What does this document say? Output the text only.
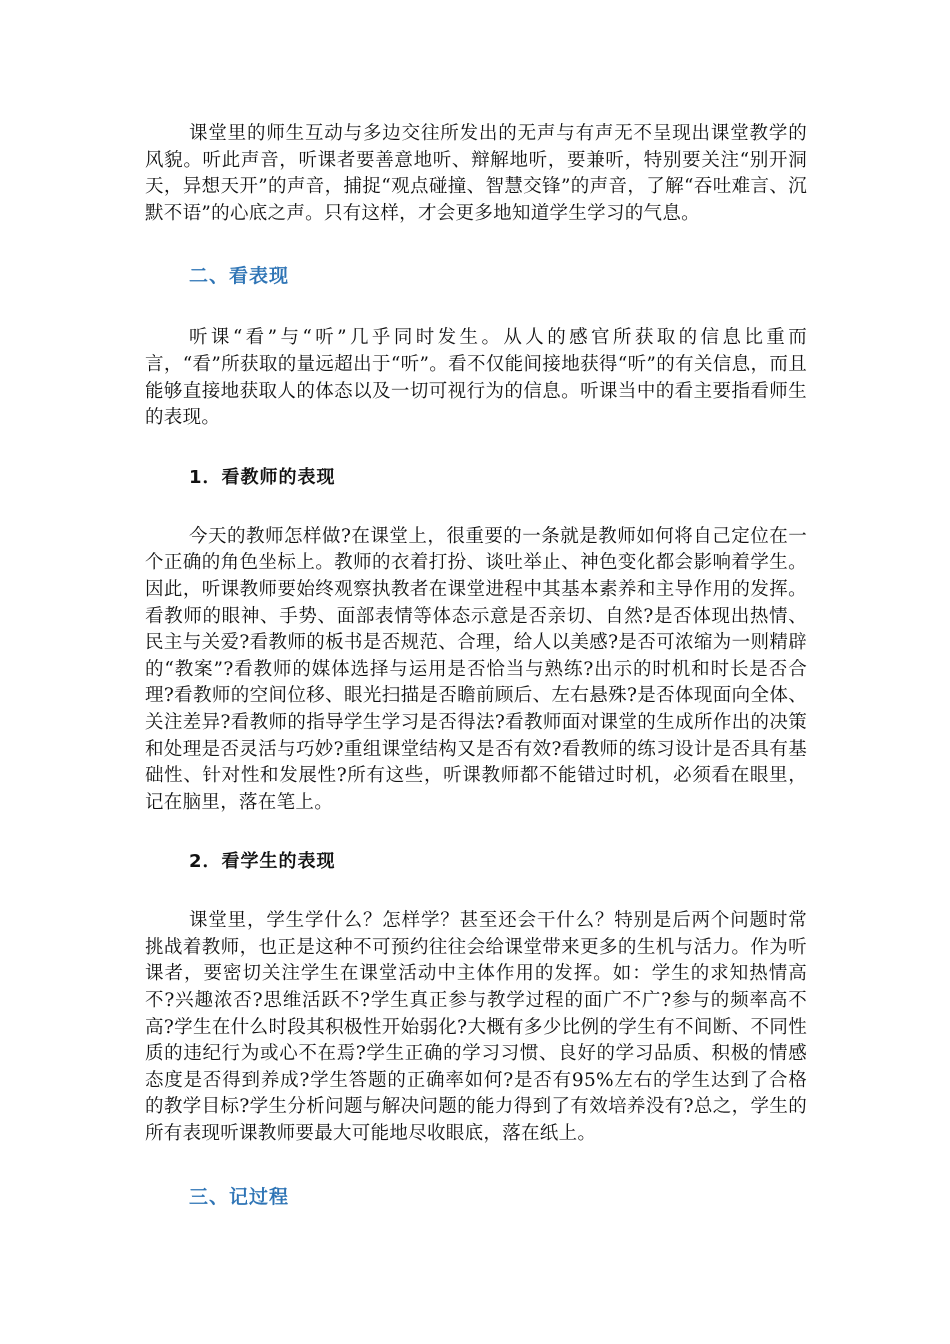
课堂里的师生互动与多边交往所发出的无声与有声无不呈现出课堂教学的风貌。听此声音，听课者要善意地听、辩解地听，要兼听，特别要关注“别开洞天，异想天开”的声音，捕捉“观点碰撞、智慧交锋”的声音，了解“吞吐难言、沉默不语”的心底之声。只有这样，才会更多地知道学生学习的气息。

二、看表现

听课“看”与“听”几乎同时发生。从人的感官所获取的信息比重而言，“看”所获取的量远超出于“听”。看不仅能间接地获得“听”的有关信息，而且能够直接地获取人的体态以及一切可视行为的信息。听课当中的看主要指看师生的表现。

1．看教师的表现

今天的教师怎样做?在课堂上，很重要的一条就是教师如何将自己定位在一个正确的角色坐标上。教师的衣着打扮、谈吐举止、神色变化都会影响着学生。因此，听课教师要始终观察执教者在课堂进程中其基本素养和主导作用的发挥。看教师的眼神、手势、面部表情等体态示意是否亲切、自然?是否体现出热情、民主与关爱?看教师的板书是否规范、合理，给人以美感?是否可浓缩为一则精辟的“教案”?看教师的媒体选择与运用是否恰当与熟练?出示的时机和时长是否合理?看教师的空间位移、眼光扫描是否瞻前顾后、左右悬殊?是否体现面向全体、关注差异?看教师的指导学生学习是否得法?看教师面对课堂的生成所作出的决策和处理是否灵活与巧妙?重组课堂结构又是否有效?看教师的练习设计是否具有基础性、针对性和发展性?所有这些，听课教师都不能错过时机，必须看在眼里，记在脑里，落在笔上。

2．看学生的表现

课堂里，学生学什么？怎样学？甚至还会干什么？特别是后两个问题时常挑战着教师，也正是这种不可预约往往会给课堂带来更多的生机与活力。作为听课者，要密切关注学生在课堂活动中主体作用的发挥。如：学生的求知热情高不?兴趣浓否?思维活跃不?学生真正参与教学过程的面广不广?参与的频率高不高?学生在什么时段其积极性开始弱化?大概有多少比例的学生有不间断、不同性质的违纪行为或心不在焉?学生正确的学习习惯、良好的学习品质、积极的情感态度是否得到养成?学生答题的正确率如何?是否有95%左右的学生达到了合格的教学目标?学生分析问题与解决问题的能力得到了有效培养没有?总之，学生的所有表现听课教师要最大可能地尽收眼底，落在纸上。

三、记过程
